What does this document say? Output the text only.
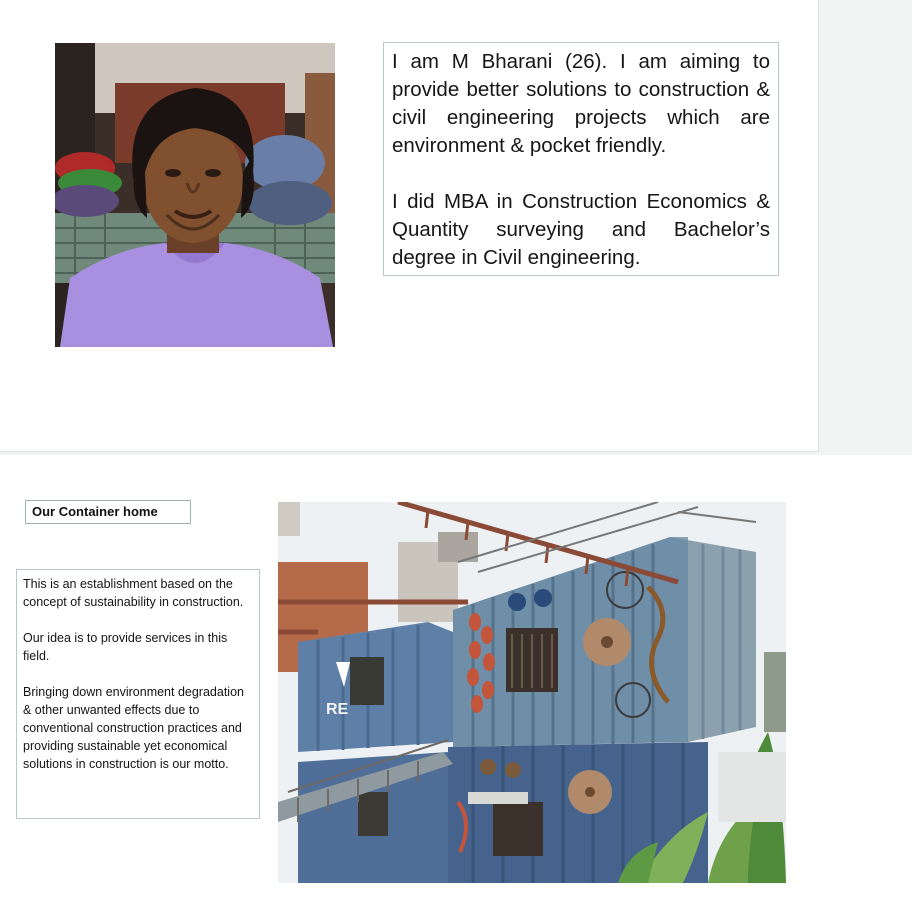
I am M Bharani (26). I am aiming to provide better solutions to construction & civil engineering projects which are environment & pocket friendly.

I did MBA in Construction Economics & Quantity surveying and Bachelor’s degree in Civil engineering.

Our Container home

This is an establishment based on the concept of sustainability in construction.

Our idea is to provide services in this field.

Bringing down environment degradation & other unwanted effects due to conventional construction practices and providing sustainable yet economical solutions in construction is our motto.

RE
